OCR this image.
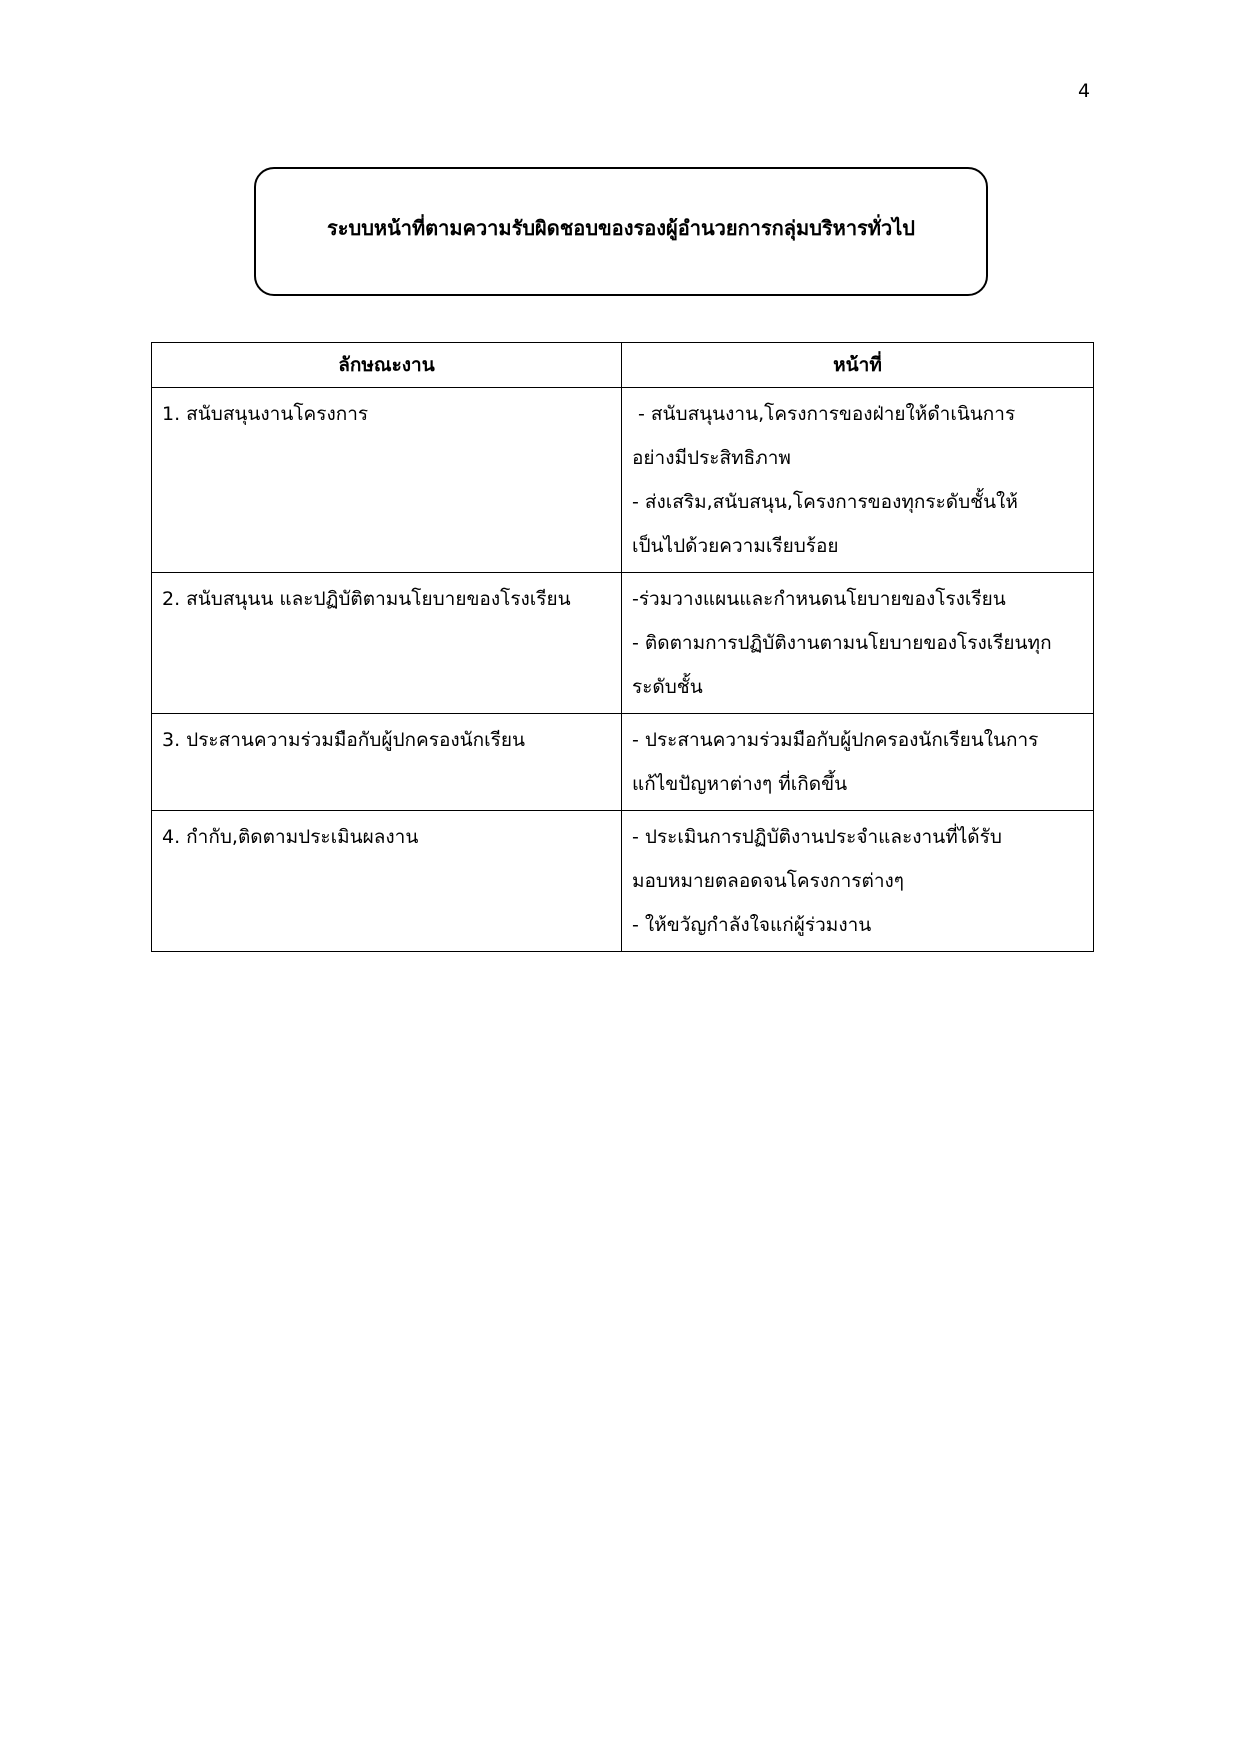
4
ระบบหน้าที่ตามความรับผิดชอบของรองผู้อำนวยการกลุ่มบริหารทั่วไป
ลักษณะงาน	หน้าที่
1. สนับสนุนงานโครงการ	- สนับสนุนงาน,โครงการของฝ่ายให้ดำเนินการ
อย่างมีประสิทธิภาพ
- ส่งเสริม,สนับสนุน,โครงการของทุกระดับชั้นให้
เป็นไปด้วยความเรียบร้อย

2. สนับสนุนน และปฏิบัติตามนโยบายของโรงเรียน	-ร่วมวางแผนและกำหนดนโยบายของโรงเรียน
- ติดตามการปฏิบัติงานตามนโยบายของโรงเรียนทุก
ระดับชั้น

3. ประสานความร่วมมือกับผู้ปกครองนักเรียน	- ประสานความร่วมมือกับผู้ปกครองนักเรียนในการ
แก้ไขปัญหาต่างๆ ที่เกิดขึ้น

4. กำกับ,ติดตามประเมินผลงาน	- ประเมินการปฏิบัติงานประจำและงานที่ได้รับ
มอบหมายตลอดจนโครงการต่างๆ
- ให้ขวัญกำลังใจแก่ผู้ร่วมงาน
